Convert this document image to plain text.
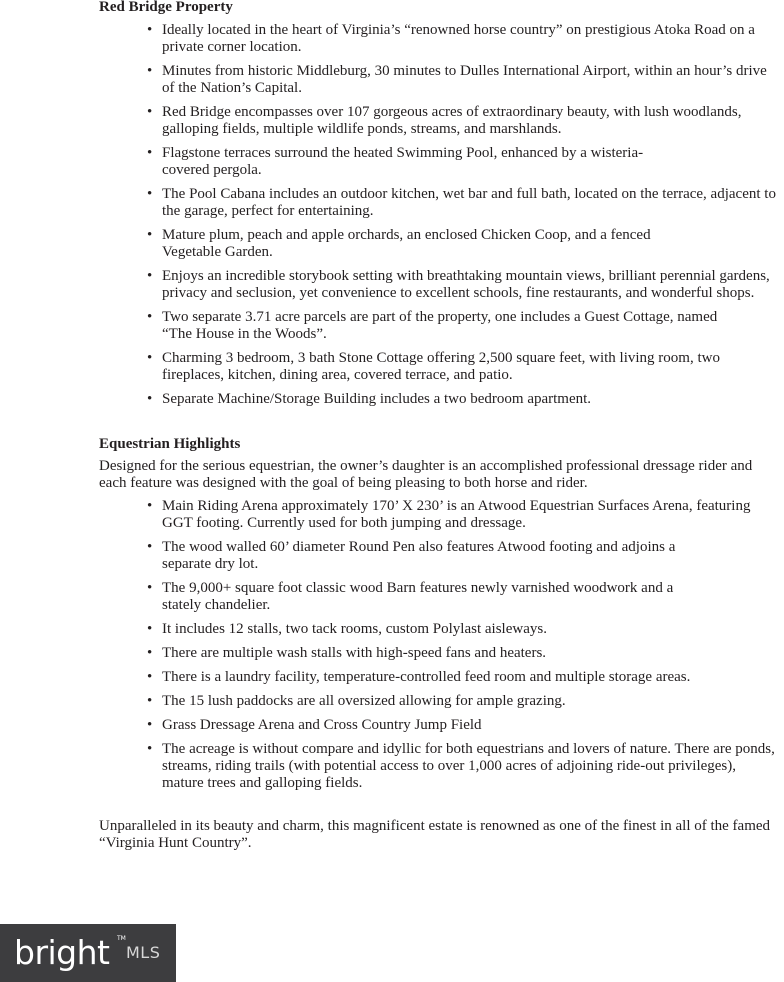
Red Bridge Property
• Ideally located in the heart of Virginia’s “renowned horse country” on prestigious Atoka Road on a private corner location.
• Minutes from historic Middleburg, 30 minutes to Dulles International Airport, within an hour’s drive of the Nation’s Capital.
• Red Bridge encompasses over 107 gorgeous acres of extraordinary beauty, with lush woodlands, galloping fields, multiple wildlife ponds, streams, and marshlands.
• Flagstone terraces surround the heated Swimming Pool, enhanced by a wisteria-covered pergola.
• The Pool Cabana includes an outdoor kitchen, wet bar and full bath, located on the terrace, adjacent to the garage, perfect for entertaining.
• Mature plum, peach and apple orchards, an enclosed Chicken Coop, and a fenced Vegetable Garden.
• Enjoys an incredible storybook setting with breathtaking mountain views, brilliant perennial gardens, privacy and seclusion, yet convenience to excellent schools, fine restaurants, and wonderful shops.
• Two separate 3.71 acre parcels are part of the property, one includes a Guest Cottage, named “The House in the Woods”.
• Charming 3 bedroom, 3 bath Stone Cottage offering 2,500 square feet, with living room, two fireplaces, kitchen, dining area, covered terrace, and patio.
• Separate Machine/Storage Building includes a two bedroom apartment.
Equestrian Highlights

Designed for the serious equestrian, the owner’s daughter is an accomplished professional dressage rider and each feature was designed with the goal of being pleasing to both horse and rider.

• Main Riding Arena approximately 170’ X 230’ is an Atwood Equestrian Surfaces Arena, featuring GGT footing. Currently used for both jumping and dressage.
• The wood walled 60’ diameter Round Pen also features Atwood footing and adjoins a separate dry lot.
• The 9,000+ square foot classic wood Barn features newly varnished woodwork and a stately chandelier.
• It includes 12 stalls, two tack rooms, custom Polylast aisleways.
• There are multiple wash stalls with high-speed fans and heaters.
• There is a laundry facility, temperature-controlled feed room and multiple storage areas.
• The 15 lush paddocks are all oversized allowing for ample grazing.
• Grass Dressage Arena and Cross Country Jump Field
• The acreage is without compare and idyllic for both equestrians and lovers of nature. There are ponds, streams, riding trails (with potential access to over 1,000 acres of adjoining ride-out privileges), mature trees and galloping fields.

Unparalleled in its beauty and charm, this magnificent estate is renowned as one of the finest in all of the famed “Virginia Hunt Country”.

bright TM
MLS
